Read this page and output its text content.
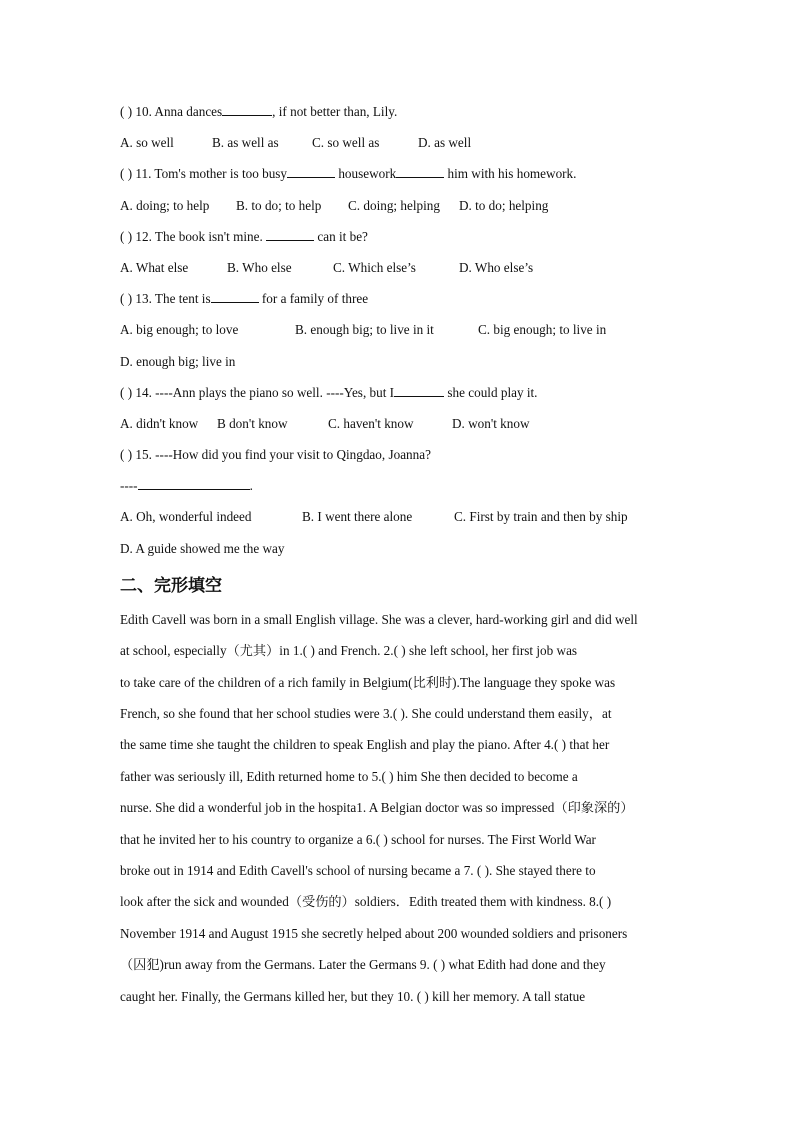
( ) 10. Anna dances	, if not better than, Lily.
A. so well	B. as well as	C. so well as	D. as well
( ) 11. Tom's mother is too busy	housework	him with his homework.
A. doing; to help B. to do; to help C. doing; helping D. to do; helping
( ) 12. The book isn't mine.	can it be?
A. What else	B. Who else	C. Which else’s	D. Who else’s
( ) 13. The tent is	for a family of three
A. big enough; to love	B. enough big; to live in it	C. big enough; to live in
D. enough big; live in
( ) 14. ----Ann plays the piano so well. ----Yes, but I	she could play it.
A. didn't know B don't know	C. haven't know	D. won't know
( ) 15. ----How did you find your visit to Qingdao, Joanna?
----	.
A. Oh, wonderful indeed	B. I went there alone	C. First by train and then by ship
D. A guide showed me the way
二、完形填空
Edith Cavell was born in a small English village. She was a clever, hard-working girl and did well
at school, especially（尤其）in 1.( ) and French. 2.( ) she left school, her first job was
to take care of the children of a rich family in Belgium(比利时).The language they spoke was
French, so she found that her school studies were 3.( ). She could understand them easily，at
the same time she taught the children to speak English and play the piano. After 4.( ) that her
father was seriously ill, Edith returned home to 5.( ) him She then decided to become a
nurse. She did a wonderful job in the hospita1. A Belgian doctor was so impressed（印象深的）
that he invited her to his country to organize a 6.( ) school for nurses. The First World War
broke out in 1914 and Edith Cavell's school of nursing became a 7. ( ). She stayed there to
look after the sick and wounded（受伤的）soldiers．Edith treated them with kindness. 8.( )
November 1914 and August 1915 she secretly helped about 200 wounded soldiers and prisoners
（囚犯)run away from the Germans. Later the Germans 9. ( ) what Edith had done and they
caught her. Finally, the Germans killed her, but they 10. ( ) kill her memory. A tall statue
